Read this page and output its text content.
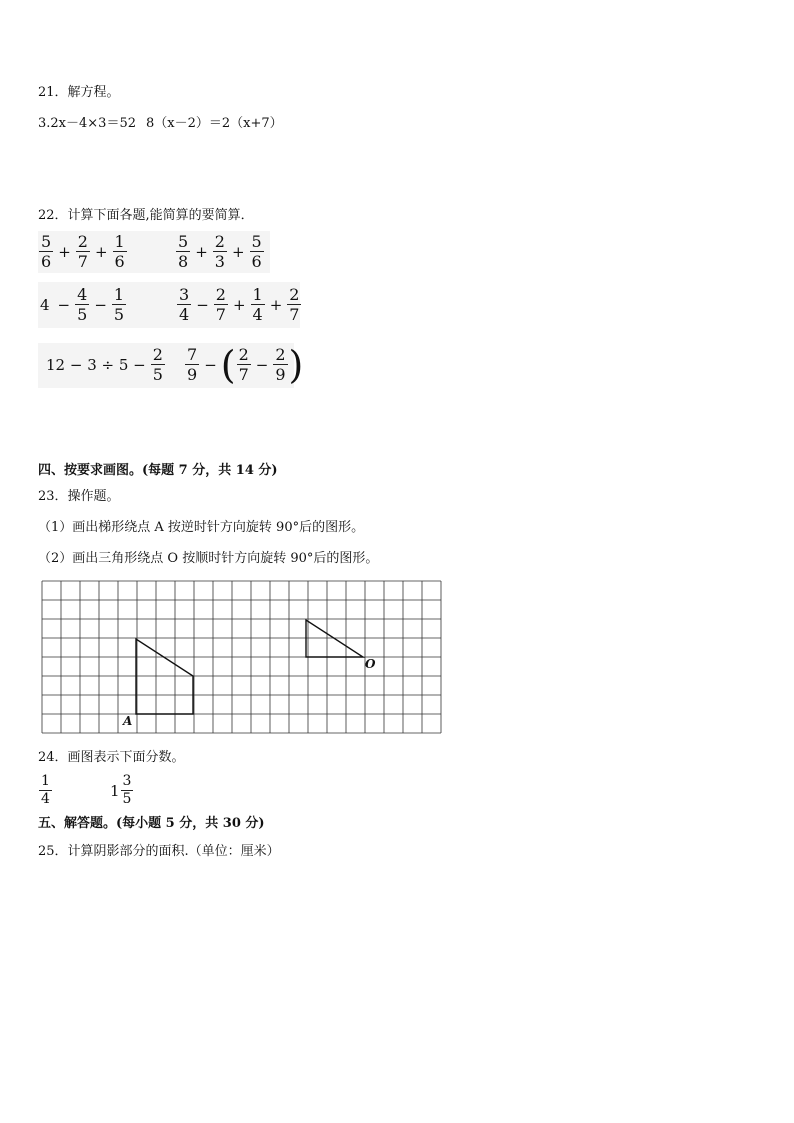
21．解方程。
3.2x－4×3＝52 8（x－2）＝2（x+7）
22．计算下面各题,能简算的要简算．
$\frac{5}{6} + \frac{2}{7} + \frac{1}{6}$	$\frac{5}{8} + \frac{2}{3} + \frac{5}{6}$
$4 - \frac{4}{5} - \frac{1}{5}$	$\frac{3}{4} - \frac{2}{7} + \frac{1}{4} + \frac{2}{7}$
$12 - 3 \div 5 - \frac{2}{5} \frac{7}{9}$ − ( $\frac{2}{7} - \frac{2}{9}$ )
四、按要求画图。(每题 7 分，共 14 分)
23．操作题。
（1）画出梯形绕点 A 按逆时针方向旋转 90°后的图形。
（2）画出三角形绕点 O 按顺时针方向旋转 90°后的图形。
A
O
24．画图表示下面分数。
$\frac{1}{4}$	$1 \frac{3}{5}$
五、解答题。(每小题 5 分，共 30 分)
25．计算阴影部分的面积.（单位：厘米）
